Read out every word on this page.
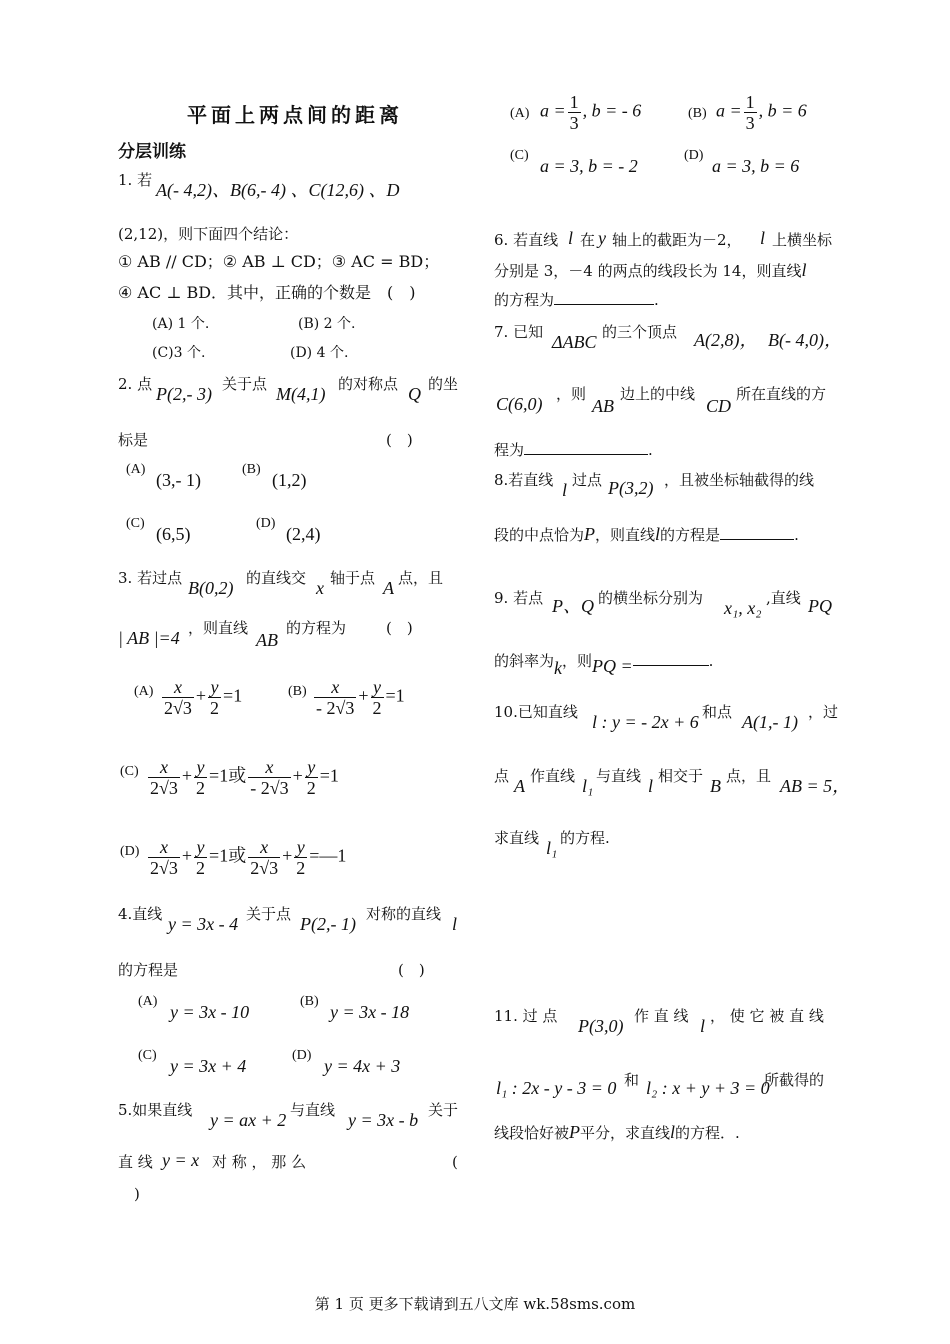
平面上两点间的距离
分层训练
1. 若 A(- 4,2)、B(6,- 4) 、C(12,6) 、D
(2,12)，则下面四个结论：
① AB // CD；② AB ⊥ CD；③ AC = BD；
④ AC ⊥ BD．其中，正确的个数是　(　)
(A) 1 个.	(B) 2 个.
(C)3 个.	(D) 4 个.
2. 点 P(2,- 3) 关于点 M(4,1) 的对称点 Q 的坐
标是	(　)
(A)
(3,- 1)
(B)
(1,2)
(C)
(6,5)
(D)
(2,4)
3. 若过点 B(0,2) 的直线交 x 轴于点 A 点，且
| AB |=4 ，则直线
AB
的方程为	(　)
$(A) \frac{x}{2√3} + \frac{y}{2} =1$	$(B) \frac{x}{- 2√3} + \frac{y}{2} =1$
$(C) \frac{x}{2√3} + \frac{y}{2} =1$或 $\frac{x}{- 2√3} + \frac{y}{2} =1$
$(D) \frac{x}{2√3} + \frac{y}{2} =1$或 $\frac{x}{2√3} + \frac{y}{2}$ =—1
4.直线 y = 3x - 4 关于点 P(2,- 1) 对称的直线 l
的方程是	(　)
(A)
y = 3x - 10
(B)
y = 3x - 18
(C)
y = 3x + 4
(D)
y = 4x + 3
5.如果直线 y = ax + 2 与直线 y = 3x - b 关于
直 线 y = x 对 称 ， 那 么	(
)
(A) $a = \frac{1}{3}$ , b = - 6	(B) $a = \frac{1}{3}$ , b = 6
(C)
a = 3, b = - 2
(D)
a = 3, b = 6
6. 若直线 l 在 y 轴上的截距为－2， l 上横坐标
分别是 3，－4 的两点的线段长为 14，则直线l
的方程为	.
7. 已知 ΔABC 的三个顶点 A(2,8)， B(- 4,0)，
C(6,0) ，则
AB
边上的中线
CD
所在直线的方
程为	.
8.若直线 l 过点 P(3,2) ，且被坐标轴截得的线
段的中点恰为P，则直线l的方程是	.
9. 若点 P、Q 的横坐标分别为 x₁, x₂ ,直线 PQ
的斜率为k，则PQ =	.
10.已知直线 l : y = - 2x + 6 和点 A(1,- 1) ，过
点 A 作直线 l₁ 与直线 l 相交于 B 点，且 AB = 5，
求直线 l₁ 的方程.
11. 过 点 P(3,0) 作 直 线 l ， 使 它 被 直 线
l₁ : 2x - y - 3 = 0 和 l₂ : x + y + 3 = 0
所截得的
线段恰好被P平分，求直线l的方程．.
第 1 页 更多下载请到五八文库 wk.58sms.com
